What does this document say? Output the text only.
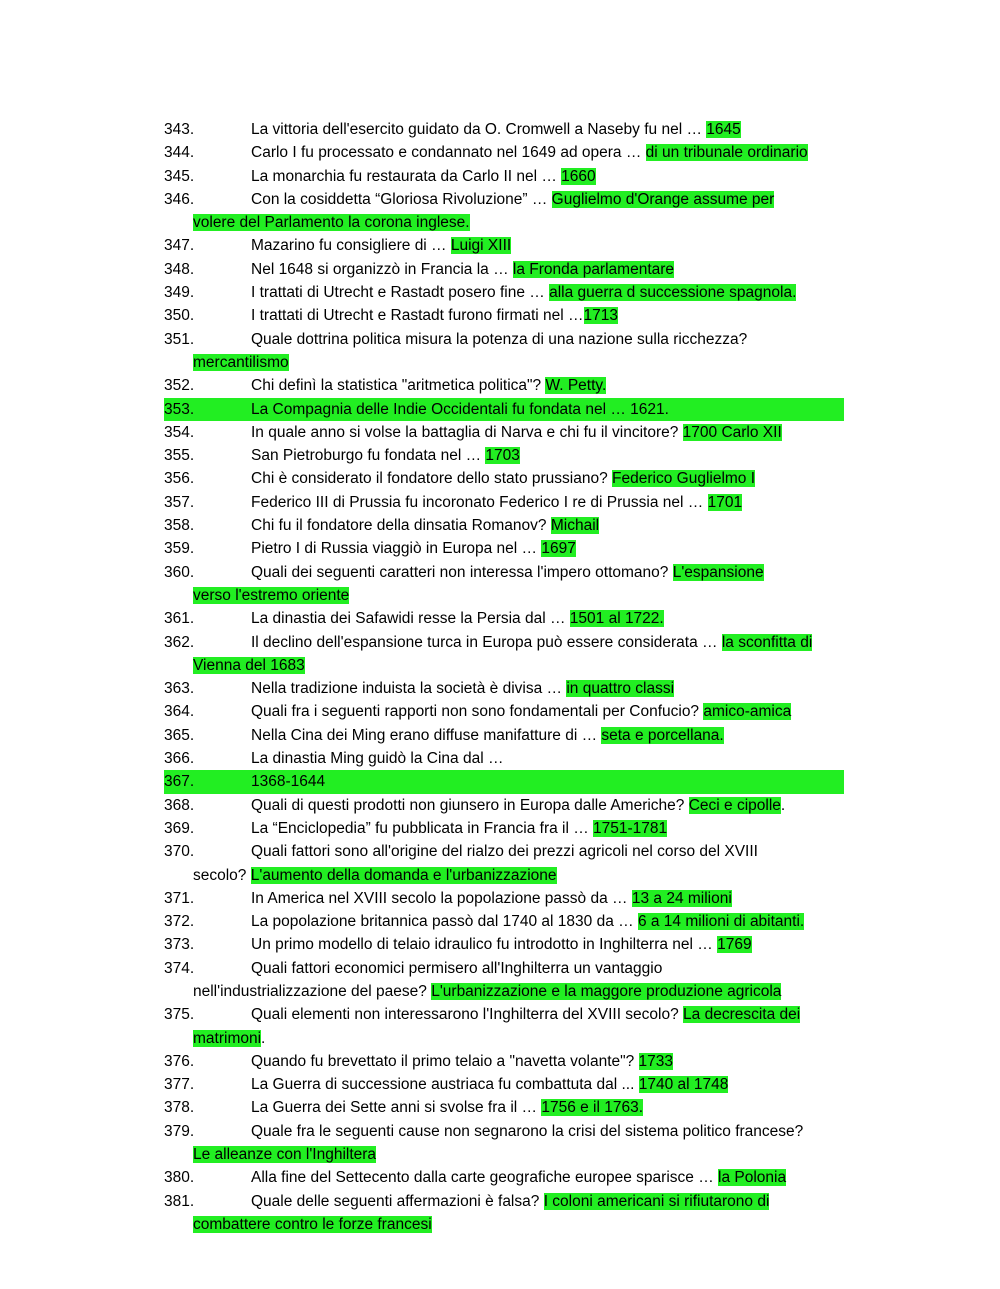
343.	La vittoria dell'esercito guidato da O. Cromwell a Naseby fu nel … 1645
344.	Carlo I fu processato e condannato nel 1649 ad opera … di un tribunale ordinario
345.	La monarchia fu restaurata da Carlo II nel … 1660
346.	Con la cosiddetta “Gloriosa Rivoluzione” … Guglielmo d'Orange assume per
volere del Parlamento la corona inglese.
347.	Mazarino fu consigliere di … Luigi XIII
348.	Nel 1648 si organizzò in Francia la … la Fronda parlamentare
349.	I trattati di Utrecht e Rastadt posero fine … alla guerra d successione spagnola.
350.	I trattati di Utrecht e Rastadt furono firmati nel …1713
351.	Quale dottrina politica misura la potenza di una nazione sulla ricchezza?
mercantilismo
352.	Chi definì la statistica "aritmetica politica"? W. Petty.
353.	La Compagnia delle Indie Occidentali fu fondata nel … 1621.
354.	In quale anno si volse la battaglia di Narva e chi fu il vincitore? 1700 Carlo XII
355.	San Pietroburgo fu fondata nel … 1703
356.	Chi è considerato il fondatore dello stato prussiano? Federico Guglielmo I
357.	Federico III di Prussia fu incoronato Federico I re di Prussia nel … 1701
358.	Chi fu il fondatore della dinsatia Romanov? Michail
359.	Pietro I di Russia viaggiò in Europa nel … 1697
360.	Quali dei seguenti caratteri non interessa l'impero ottomano? L'espansione
verso l'estremo oriente
361.	La dinastia dei Safawidi resse la Persia dal … 1501 al 1722.
362.	Il declino dell'espansione turca in Europa può essere considerata … la sconfitta di
Vienna del 1683
363.	Nella tradizione induista la società è divisa … in quattro classi
364.	Quali fra i seguenti rapporti non sono fondamentali per Confucio? amico-amica
365.	Nella Cina dei Ming erano diffuse manifatture di … seta e porcellana.
366.	La dinastia Ming guidò la Cina dal …
367.	1368-1644
368.	Quali di questi prodotti non giunsero in Europa dalle Americhe? Ceci e cipolle.
369.	La “Enciclopedia” fu pubblicata in Francia fra il … 1751-1781
370.	Quali fattori sono all'origine del rialzo dei prezzi agricoli nel corso del XVIII
secolo? L'aumento della domanda e l'urbanizzazione
371.	In America nel XVIII secolo la popolazione passò da … 13 a 24 milioni
372.	La popolazione britannica passò dal 1740 al 1830 da … 6 a 14 milioni di abitanti.
373.	Un primo modello di telaio idraulico fu introdotto in Inghilterra nel … 1769
374.	Quali fattori economici permisero all'Inghilterra un vantaggio
nell'industrializzazione del paese? L'urbanizzazione e la maggore produzione agricola
375.	Quali elementi non interessarono l'Inghilterra del XVIII secolo? La decrescita dei
matrimoni.
376.	Quando fu brevettato il primo telaio a "navetta volante"? 1733
377.	La Guerra di successione austriaca fu combattuta dal ... 1740 al 1748
378.	La Guerra dei Sette anni si svolse fra il … 1756 e il 1763.
379.	Quale fra le seguenti cause non segnarono la crisi del sistema politico francese?
Le alleanze con l'Inghiltera
380.	Alla fine del Settecento dalla carte geografiche europee sparisce … la Polonia
381.	Quale delle seguenti affermazioni è falsa? I coloni americani si rifiutarono di
combattere contro le forze francesi
